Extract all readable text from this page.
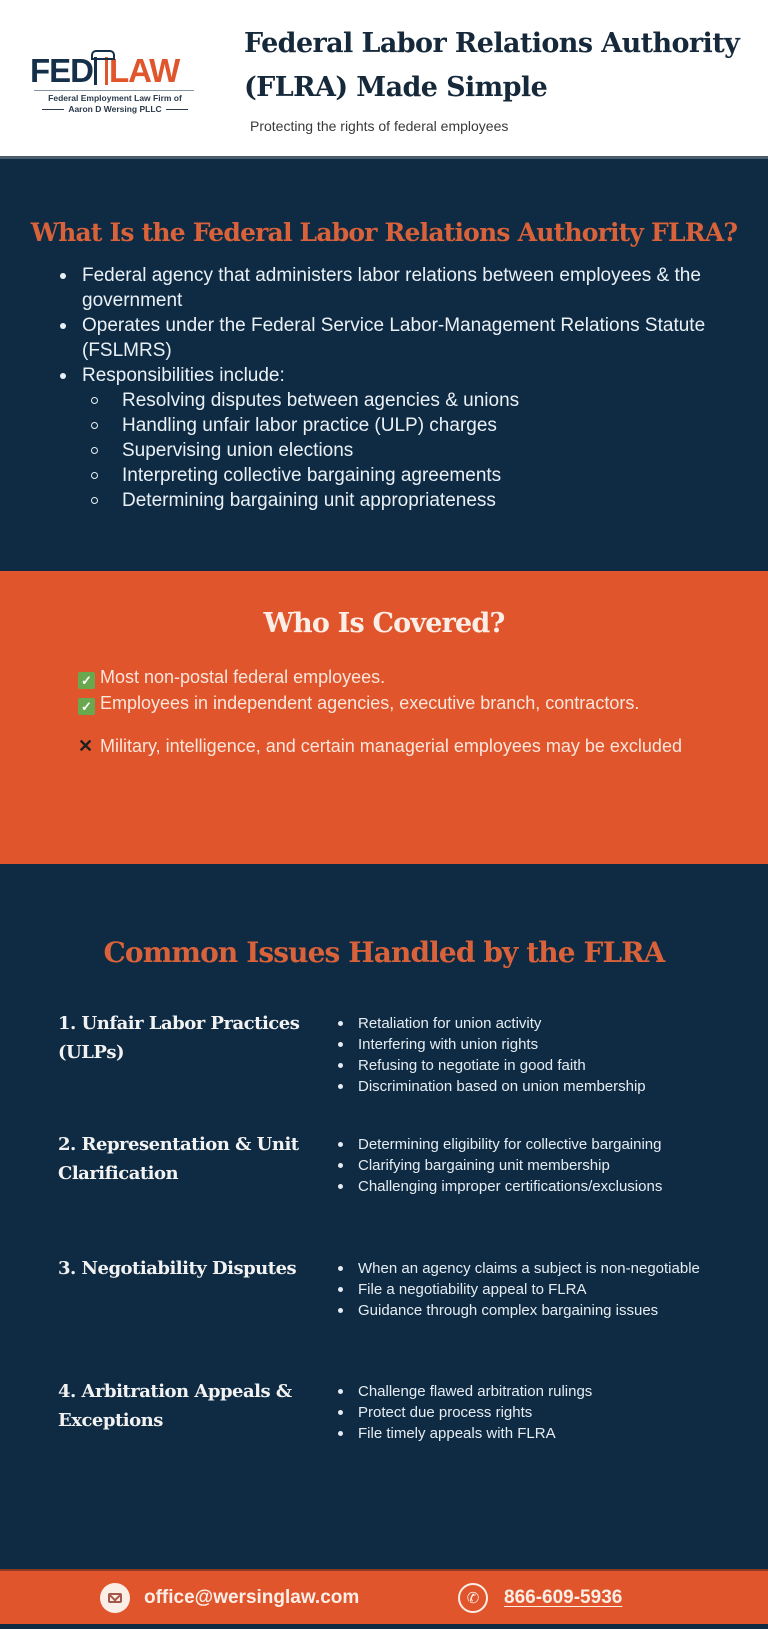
FED LAW
Federal Employment Law Firm of
Aaron D Wersing PLLC
Federal Labor Relations Authority (FLRA) Made Simple
Protecting the rights of federal employees
What Is the Federal Labor Relations Authority FLRA?
Federal agency that administers labor relations between employees & the government
Operates under the Federal Service Labor-Management Relations Statute (FSLMRS)
Responsibilities include:
Resolving disputes between agencies & unions
Handling unfair labor practice (ULP) charges
Supervising union elections
Interpreting collective bargaining agreements
Determining bargaining unit appropriateness
Who Is Covered?
✓ Most non-postal federal employees.
✓ Employees in independent agencies, executive branch, contractors.
✕ Military, intelligence, and certain managerial employees may be excluded
Common Issues Handled by the FLRA
1. Unfair Labor Practices (ULPs)
Retaliation for union activity
Interfering with union rights
Refusing to negotiate in good faith
Discrimination based on union membership
2. Representation & Unit Clarification
Determining eligibility for collective bargaining
Clarifying bargaining unit membership
Challenging improper certifications/exclusions
3. Negotiability Disputes	When an agency claims a subject is non-negotiable
File a negotiability appeal to FLRA
Guidance through complex bargaining issues
4. Arbitration Appeals & Exceptions
Challenge flawed arbitration rulings
Protect due process rights
File timely appeals with FLRA
office@wersinglaw.com	✆	866-609-5936
